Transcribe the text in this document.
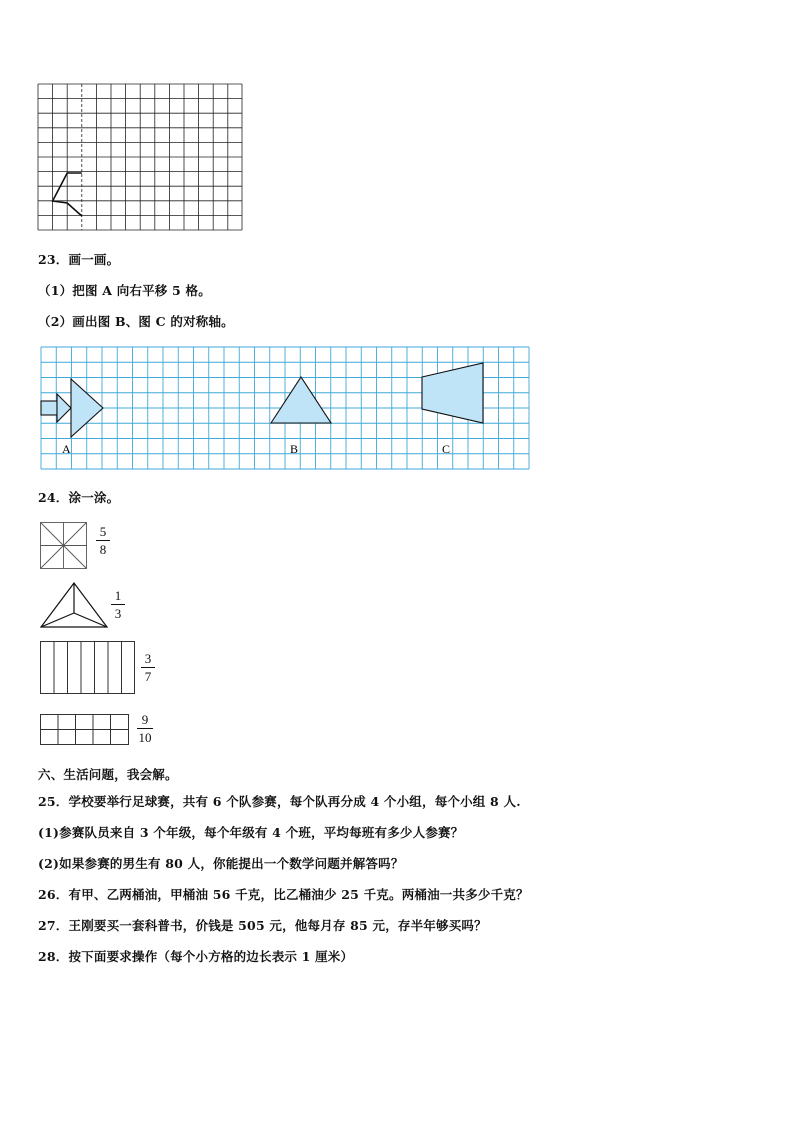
23．画一画。
（1）把图 A 向右平移 5 格。
（2）画出图 B、图 C 的对称轴。
A	B	C
24．涂一涂。
5
8
1
3
3
7
9
10
六、生活问题，我会解。
25．学校要举行足球赛，共有 6 个队参赛，每个队再分成 4 个小组，每个小组 8 人.
(1)参赛队员来自 3 个年级，每个年级有 4 个班，平均每班有多少人参赛？
(2)如果参赛的男生有 80 人，你能提出一个数学问题并解答吗？
26．有甲、乙两桶油，甲桶油 56 千克，比乙桶油少 25 千克。两桶油一共多少千克？
27．王刚要买一套科普书，价钱是 505 元，他每月存 85 元，存半年够买吗？
28．按下面要求操作（每个小方格的边长表示 1 厘米）
